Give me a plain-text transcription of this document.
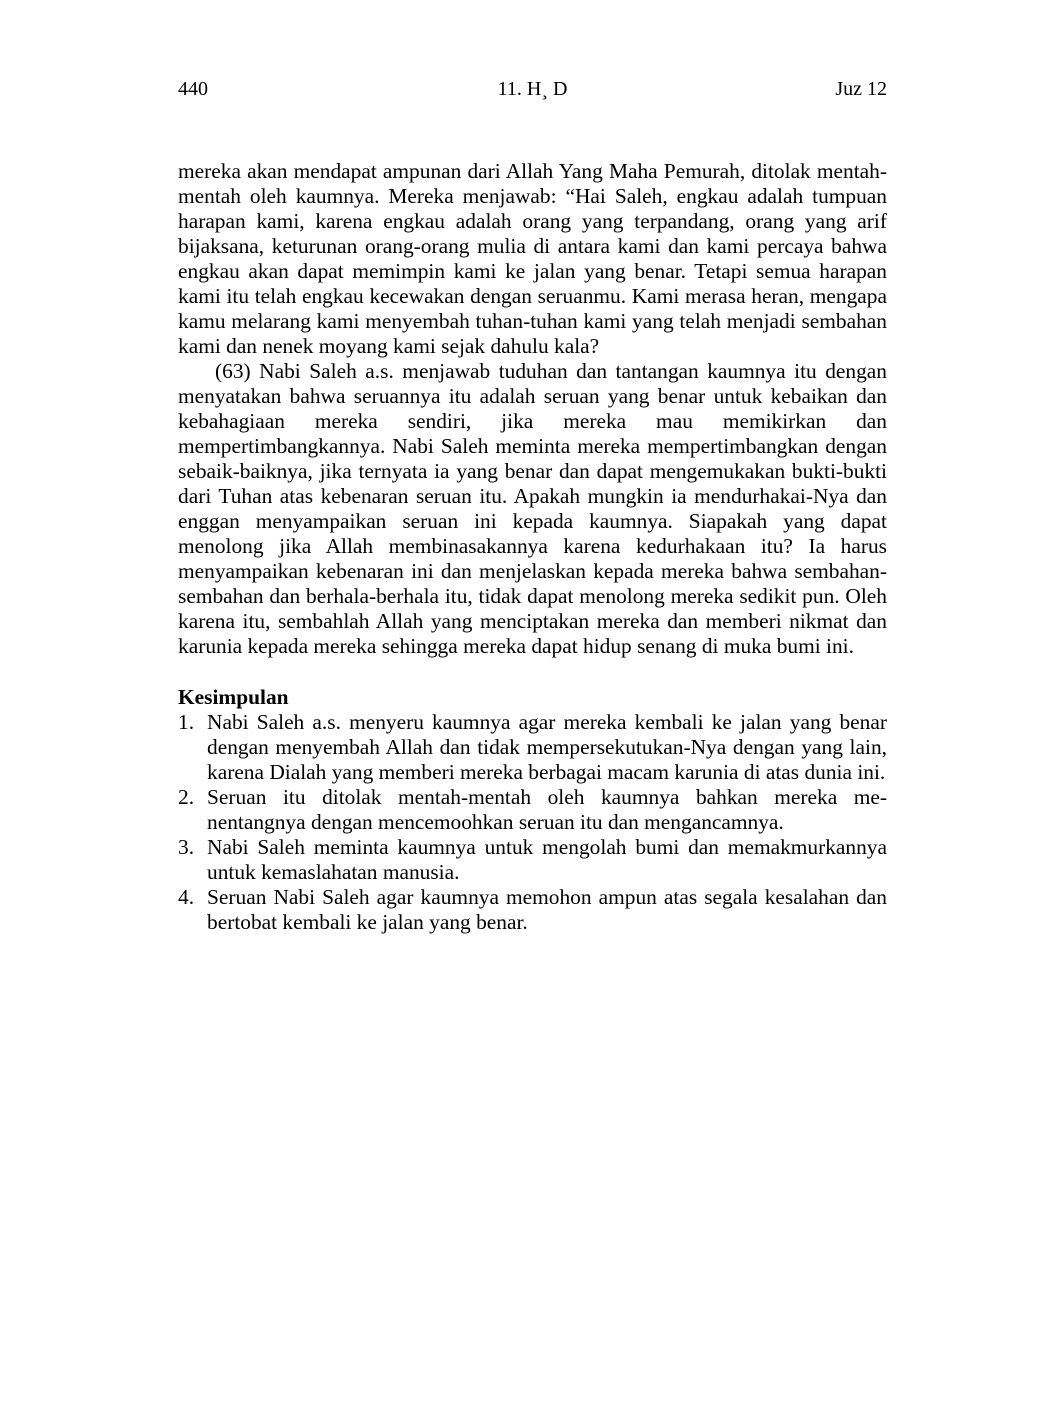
440	11. H¸ D	Juz 12

mereka akan mendapat ampunan dari Allah Yang Maha Pemurah, ditolak mentah-mentah oleh kaumnya. Mereka menjawab: “Hai Saleh, engkau adalah tumpuan harapan kami, karena engkau adalah orang yang terpandang, orang yang arif bijaksana, keturunan orang-orang mulia di antara kami dan kami percaya bahwa engkau akan dapat memimpin kami ke jalan yang benar. Tetapi semua harapan kami itu telah engkau kecewakan dengan seruanmu. Kami merasa heran, mengapa kamu melarang kami menyembah tuhan-tuhan kami yang telah menjadi sembahan kami dan nenek moyang kami sejak dahulu kala?

(63) Nabi Saleh a.s. menjawab tuduhan dan tantangan kaumnya itu dengan menyatakan bahwa seruannya itu adalah seruan yang benar untuk kebaikan dan kebahagiaan mereka sendiri, jika mereka mau memikirkan dan mempertimbangkannya. Nabi Saleh meminta mereka mempertimbangkan dengan sebaik-baiknya, jika ternyata ia yang benar dan dapat mengemukakan bukti-bukti dari Tuhan atas kebenaran seruan itu. Apakah mungkin ia mendurhakai-Nya dan enggan menyampaikan seruan ini kepada kaumnya. Siapakah yang dapat menolong jika Allah membinasakannya karena kedurhakaan itu? Ia harus menyampaikan kebenaran ini dan menjelaskan kepada mereka bahwa sembahan-sembahan dan berhala-berhala itu, tidak dapat menolong mereka sedikit pun. Oleh karena itu, sembahlah Allah yang menciptakan mereka dan memberi nikmat dan karunia kepada mereka sehingga mereka dapat hidup senang di muka bumi ini.

Kesimpulan
1. Nabi Saleh a.s. menyeru kaumnya agar mereka kembali ke jalan yang benar dengan menyembah Allah dan tidak mempersekutukan-Nya dengan yang lain, karena Dialah yang memberi mereka berbagai macam karunia di atas dunia ini.
2. Seruan itu ditolak mentah-mentah oleh kaumnya bahkan mereka menentangnya dengan mencemoohkan seruan itu dan mengancamnya.
3. Nabi Saleh meminta kaumnya untuk mengolah bumi dan memakmurkannya untuk kemaslahatan manusia.
4. Seruan Nabi Saleh agar kaumnya memohon ampun atas segala kesalahan dan bertobat kembali ke jalan yang benar.
